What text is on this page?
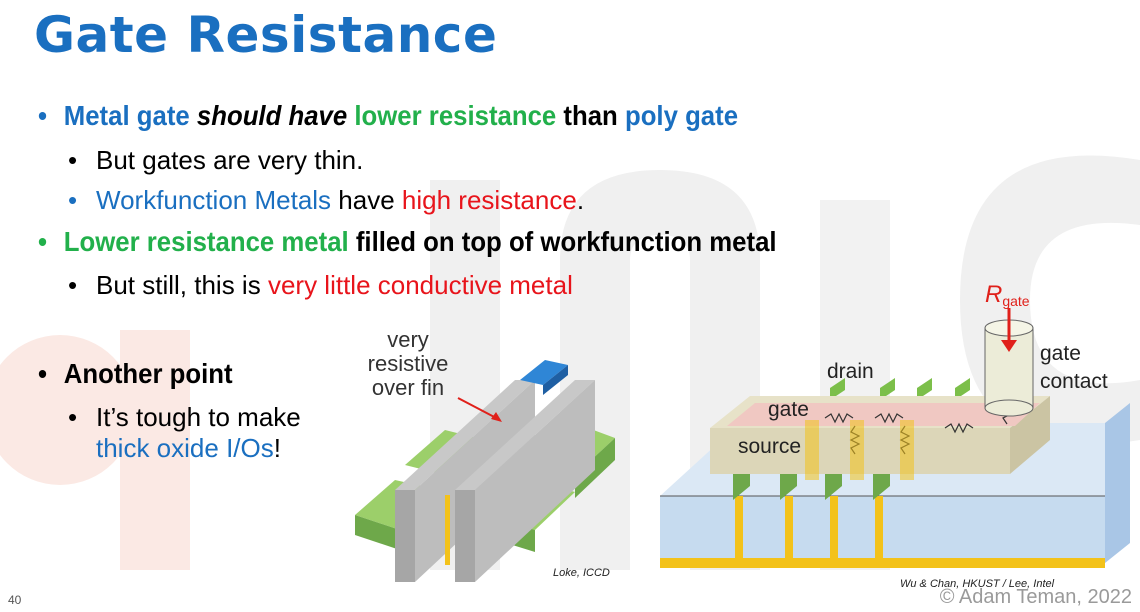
Gate Resistance
• Metal gate should have lower resistance than poly gate
• But gates are very thin.
• Workfunction Metals have high resistance.
• Lower resistance metal filled on top of workfunction metal
• But still, this is very little conductive metal
• Another point
• It’s tough to make
thick oxide I/Os!
very
resistive
over fin
Loke, ICCD
Rgate
drain
gate
source
gate
contact
Wu & Chan, HKUST / Lee, Intel
40	© Adam Teman, 2022
